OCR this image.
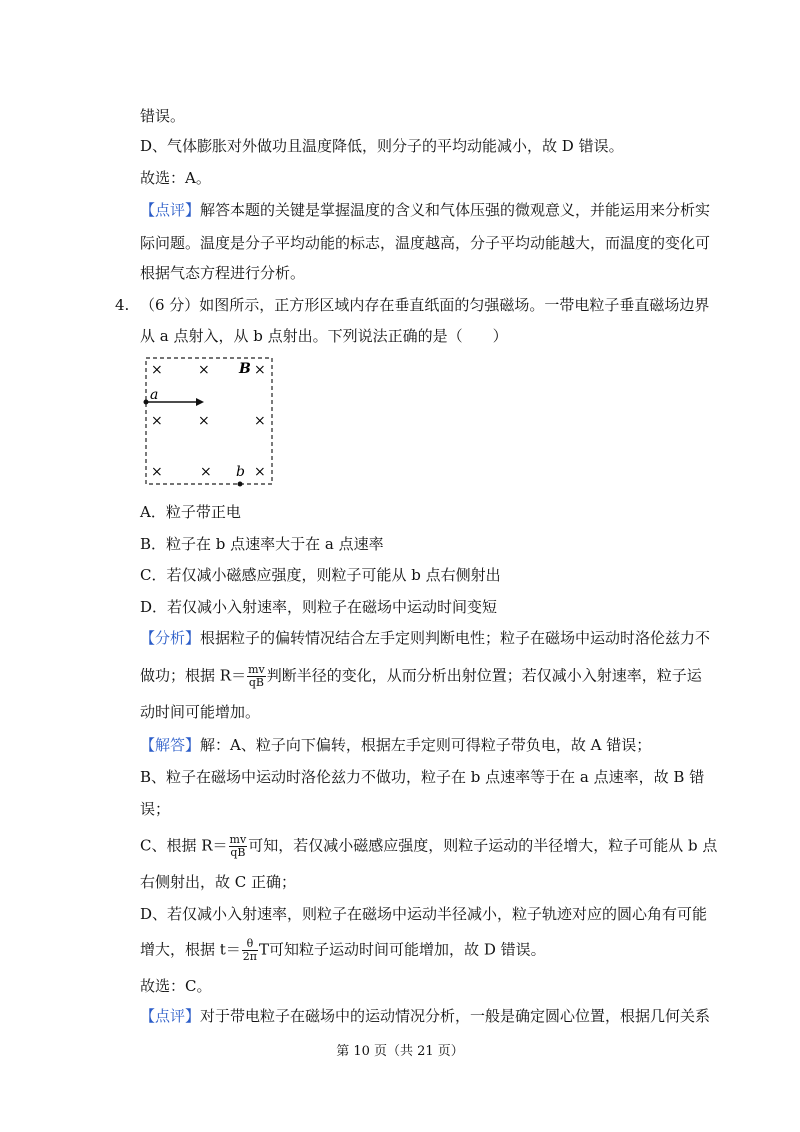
错误。
D、气体膨胀对外做功且温度降低，则分子的平均动能减小，故 D 错误。
故选：A。
【点评】解答本题的关键是掌握温度的含义和气体压强的微观意义，并能运用来分析实
际问题。温度是分子平均动能的标志，温度越高，分子平均动能越大，而温度的变化可
根据气态方程进行分析。
4. （6 分）如图所示，正方形区域内存在垂直纸面的匀强磁场。一带电粒子垂直磁场边界
从 a 点射入，从 b 点射出。下列说法正确的是（　　）
×	×	×
B
a
×	×	×
×	× b ×
A．粒子带正电
B．粒子在 b 点速率大于在 a 点速率
C．若仅减小磁感应强度，则粒子可能从 b 点右侧射出
D．若仅减小入射速率，则粒子在磁场中运动时间变短
【分析】根据粒子的偏转情况结合左手定则判断电性；粒子在磁场中运动时洛伦兹力不
做功；根据 $R= \frac{mv}{qB}$ 判断半径的变化，从而分析出射位置；若仅减小入射速率，粒子运
动时间可能增加。
【解答】解：A、粒子向下偏转，根据左手定则可得粒子带负电，故 A 错误；
B、粒子在磁场中运动时洛伦兹力不做功，粒子在 b 点速率等于在 a 点速率，故 B 错
误；
C、根据 $R= \frac{mv}{qB}$ 可知，若仅减小磁感应强度，则粒子运动的半径增大，粒子可能从 b 点
右侧射出，故 C 正确；
D、若仅减小入射速率，则粒子在磁场中运动半径减小，粒子轨迹对应的圆心角有可能
增大，根据 $t= \frac{\theta}{2\pi}$ T可知粒子运动时间可能增加，故 D 错误。
故选：C。
【点评】对于带电粒子在磁场中的运动情况分析，一般是确定圆心位置，根据几何关系
第 10 页（共 21 页）
